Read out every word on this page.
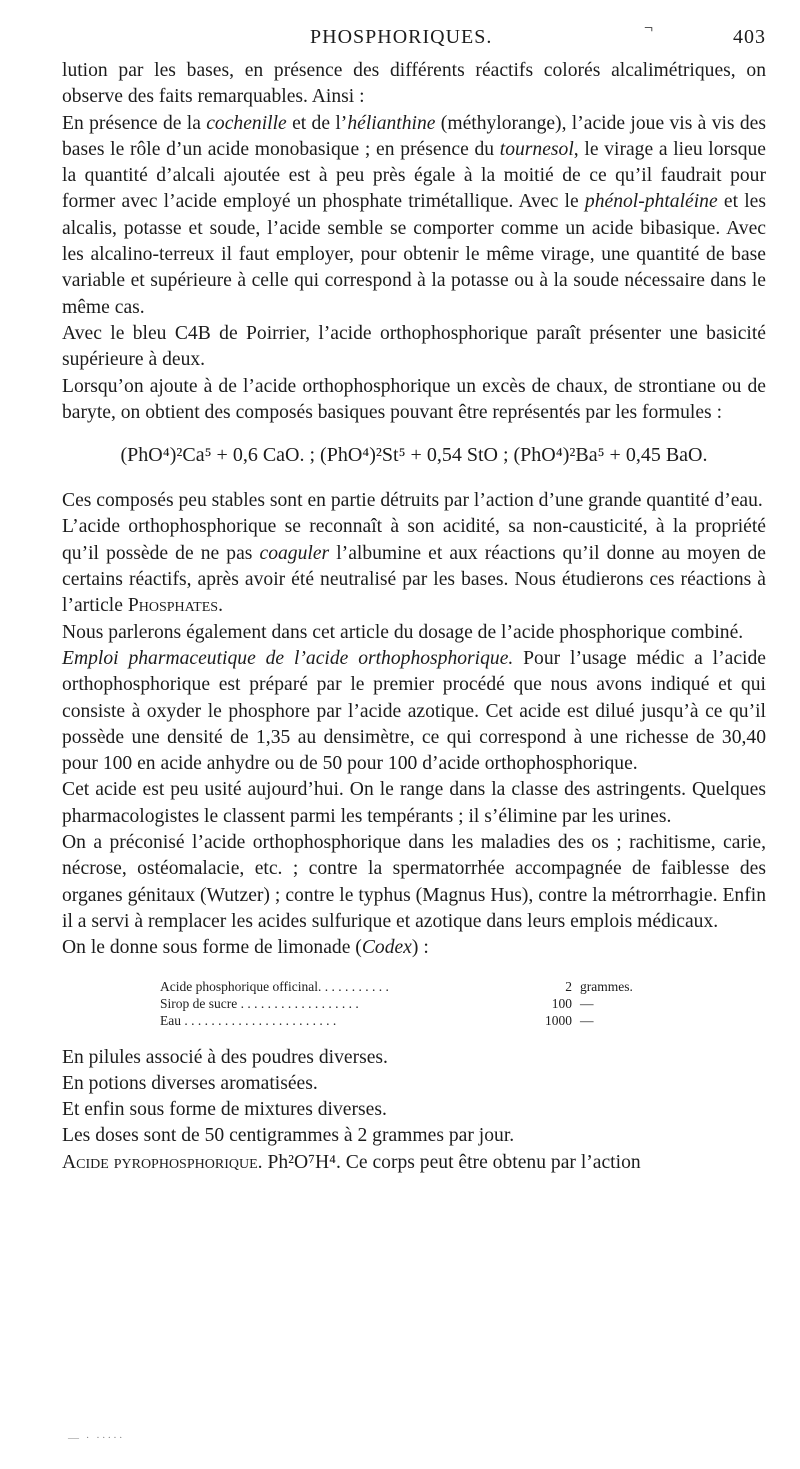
PHOSPHORIQUES.	¬	403

lution par les bases, en présence des différents réactifs colorés alcalimétriques, on observe des faits remarquables. Ainsi :

En présence de la cochenille et de l’hélianthine (méthylorange), l’acide joue vis à vis des bases le rôle d’un acide monobasique ; en présence du tournesol, le virage a lieu lorsque la quantité d’alcali ajoutée est à peu près égale à la moitié de ce qu’il faudrait pour former avec l’acide employé un phosphate trimétallique. Avec le phénol-phtaléine et les alcalis, potasse et soude, l’acide semble se comporter comme un acide bibasique. Avec les alcalino-terreux il faut employer, pour obtenir le même virage, une quantité de base variable et supérieure à celle qui correspond à la potasse ou à la soude nécessaire dans le même cas.

Avec le bleu C4B de Poirrier, l’acide orthophosphorique paraît présenter une basicité supérieure à deux.

Lorsqu’on ajoute à de l’acide orthophosphorique un excès de chaux, de strontiane ou de baryte, on obtient des composés basiques pouvant être représentés par les formules :

(PhO⁴)²Ca⁵ + 0,6 CaO. ; (PhO⁴)²St⁵ + 0,54 StO ; (PhO⁴)²Ba⁵ + 0,45 BaO.

Ces composés peu stables sont en partie détruits par l’action d’une grande quantité d’eau.

L’acide orthophosphorique se reconnaît à son acidité, sa non-causticité, à la propriété qu’il possède de ne pas coaguler l’albumine et aux réactions qu’il donne au moyen de certains réactifs, après avoir été neutralisé par les bases. Nous étudierons ces réactions à l’article Phosphates.

Nous parlerons également dans cet article du dosage de l’acide phosphorique combiné.

Emploi pharmaceutique de l’acide orthophosphorique. Pour l’usage médic a l’acide orthophosphorique est préparé par le premier procédé que nous avons indiqué et qui consiste à oxyder le phosphore par l’acide azotique. Cet acide est dilué jusqu’à ce qu’il possède une densité de 1,35 au densimètre, ce qui correspond à une richesse de 30,40 pour 100 en acide anhydre ou de 50 pour 100 d’acide orthophosphorique.

Cet acide est peu usité aujourd’hui. On le range dans la classe des astringents. Quelques pharmacologistes le classent parmi les tempérants ; il s’élimine par les urines.

On a préconisé l’acide orthophosphorique dans les maladies des os ; rachitisme, carie, nécrose, ostéomalacie, etc. ; contre la spermatorrhée accompagnée de faiblesse des organes génitaux (Wutzer) ; contre le typhus (Magnus Hus), contre la métrorrhagie. Enfin il a servi à remplacer les acides sulfurique et azotique dans leurs emplois médicaux.

On le donne sous forme de limonade (Codex) :

Acide phosphorique officinal. . . . . . . . . . .	2 grammes.
Sirop de sucre . . . . . . . . . . . . . . . . . .	100 —
Eau . . . . . . . . . . . . . . . . . . . . . . .	1000 —

En pilules associé à des poudres diverses.

En potions diverses aromatisées.

Et enfin sous forme de mixtures diverses.

Les doses sont de 50 centigrammes à 2 grammes par jour.

Acide pyrophosphorique. Ph²O⁷H⁴. Ce corps peut être obtenu par l’action

— · ·····
